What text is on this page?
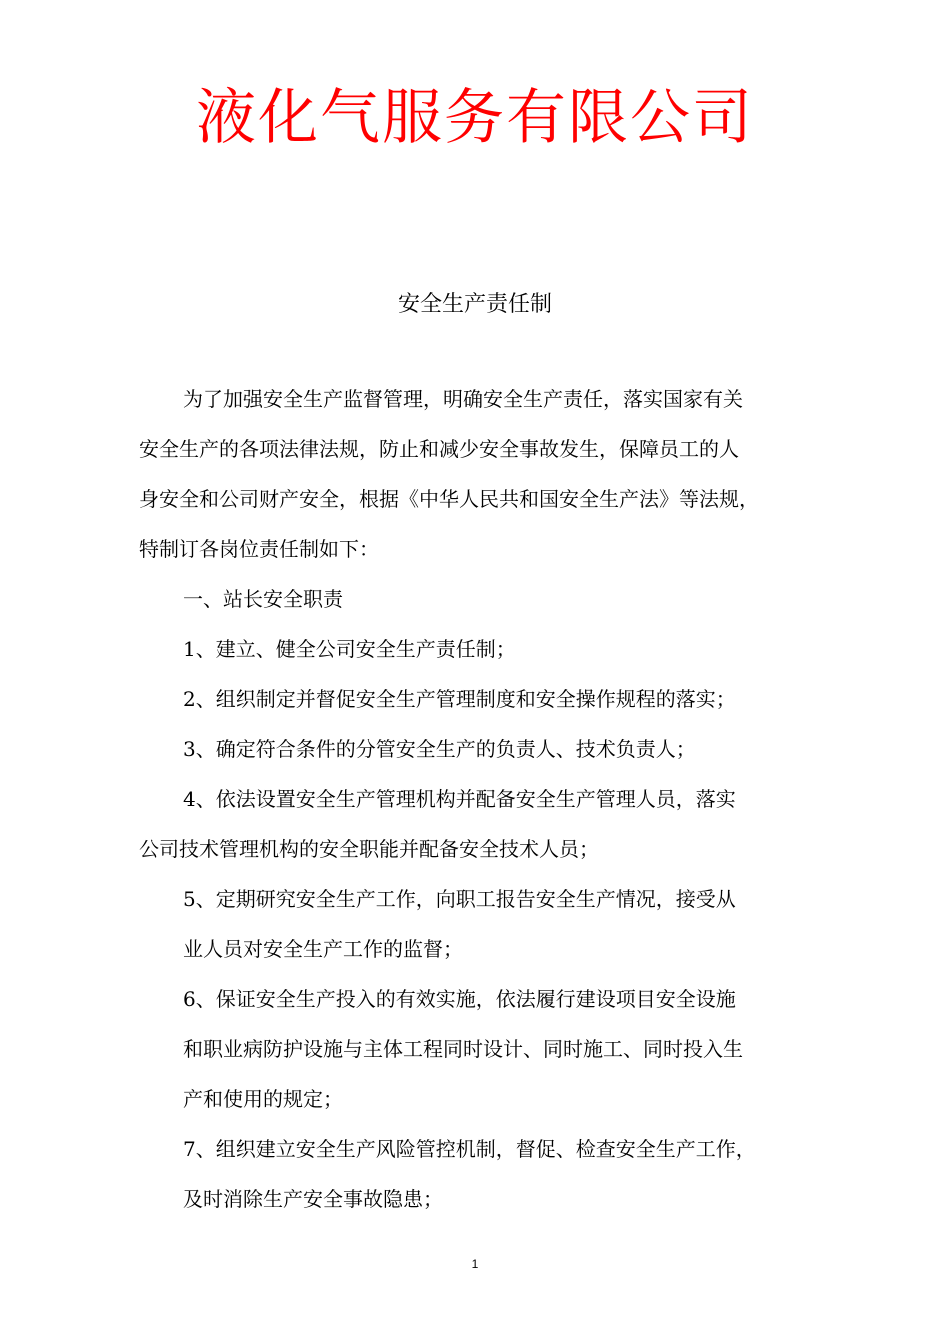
液化气服务有限公司
安全生产责任制
为了加强安全生产监督管理，明确安全生产责任，落实国家有关
安全生产的各项法律法规，防止和减少安全事故发生，保障员工的人
身安全和公司财产安全，根据《中华人民共和国安全生产法》等法规，
特制订各岗位责任制如下：
一、站长安全职责
1、建立、健全公司安全生产责任制；
2、组织制定并督促安全生产管理制度和安全操作规程的落实；
3、确定符合条件的分管安全生产的负责人、技术负责人；
4、依法设置安全生产管理机构并配备安全生产管理人员，落实
公司技术管理机构的安全职能并配备安全技术人员；
5、定期研究安全生产工作，向职工报告安全生产情况，接受从
业人员对安全生产工作的监督；
6、保证安全生产投入的有效实施，依法履行建设项目安全设施
和职业病防护设施与主体工程同时设计、同时施工、同时投入生
产和使用的规定；
7、组织建立安全生产风险管控机制，督促、检查安全生产工作，
及时消除生产安全事故隐患；
1
